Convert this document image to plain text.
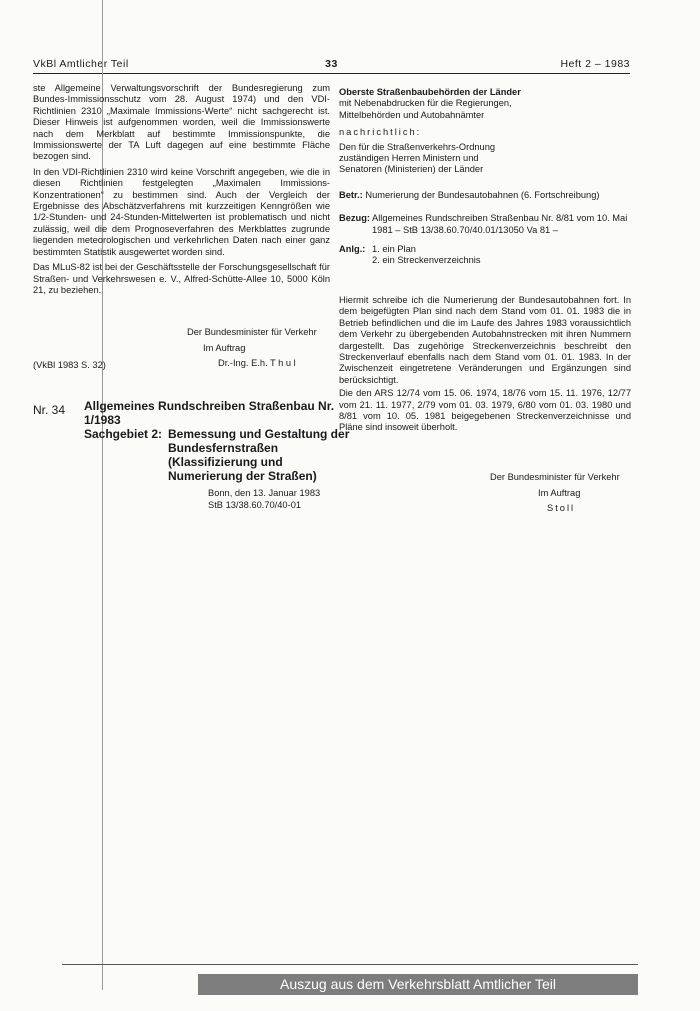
VkBl Amtlicher Teil	33	Heft 2 – 1983

ste Allgemeine Verwaltungsvorschrift der Bundesregierung zum Bundes-Immissionsschutz vom 28. August 1974) und den VDI-Richtlinien 2310 „Maximale Immissions-Werte“ nicht sachgerecht ist. Dieser Hinweis ist aufgenommen worden, weil die Immissionswerte nach dem Merkblatt auf bestimmte Immissionspunkte, die Immissionswerte der TA Luft dagegen auf eine bestimmte Fläche bezogen sind.

In den VDI-Richtlinien 2310 wird keine Vorschrift angegeben, wie die in diesen Richtlinien festgelegten „Maximalen Immissions-Konzentrationen“ zu bestimmen sind. Auch der Vergleich der Ergebnisse des Abschätzverfahrens mit kurzzeitigen Kenngrößen wie 1/2-Stunden- und 24-Stunden-Mittelwerten ist problematisch und nicht zulässig, weil die dem Prognoseverfahren des Merkblattes zugrunde liegenden meteorologischen und verkehrlichen Daten nach einer ganz bestimmten Statistik ausgewertet worden sind.

Das MLuS-82 ist bei der Geschäftsstelle der Forschungsgesellschaft für Straßen- und Verkehrswesen e. V., Alfred-Schütte-Allee 10, 5000 Köln 21, zu beziehen.

Der Bundesminister für Verkehr
Im Auftrag
Dr.-Ing. E.h. T h u l
(VkBl 1983 S. 32)
Nr. 34 Allgemeines Rundschreiben Straßenbau Nr. 1/1983
Sachgebiet 2: Bemessung und Gestaltung der Bundesfernstraßen (Klassifizierung und Numerierung der Straßen)
Bonn, den 13. Januar 1983
StB 13/38.60.70/40-01

Oberste Straßenbaubehörden der Länder

mit Nebenabdrucken für die Regierungen,

Mittelbehörden und Autobahnämter

nachrichtlich:

Den für die Straßenverkehrs-Ordnung

zuständigen Herren Ministern und

Senatoren (Ministerien) der Länder

Betr.: Numerierung der Bundesautobahnen (6. Fortschreibung)
Bezug: Allgemeines Rundschreiben Straßenbau Nr. 8/81 vom 10. Mai 1981 – StB 13/38.60.70/40.01/13050 Va 81 –
Anlg.: 1. ein Plan
2. ein Streckenverzeichnis

Hiermit schreibe ich die Numerierung der Bundesautobahnen fort. In dem beigefügten Plan sind nach dem Stand vom 01. 01. 1983 die in Betrieb befindlichen und die im Laufe des Jahres 1983 voraussichtlich dem Verkehr zu übergebenden Autobahnstrecken mit ihren Nummern dargestellt. Das zugehörige Streckenverzeichnis beschreibt den Streckenverlauf ebenfalls nach dem Stand vom 01. 01. 1983. In der Zwischenzeit eingetretene Veränderungen und Ergänzungen sind berücksichtigt.

Die den ARS 12/74 vom 15. 06. 1974, 18/76 vom 15. 11. 1976, 12/77 vom 21. 11. 1977, 2/79 vom 01. 03. 1979, 6/80 vom 01. 03. 1980 und 8/81 vom 10. 05. 1981 beigegebenen Streckenverzeichnisse und Pläne sind insoweit überholt.

Der Bundesminister für Verkehr
Im Auftrag
Stoll
Auszug aus dem Verkehrsblatt Amtlicher Teil
